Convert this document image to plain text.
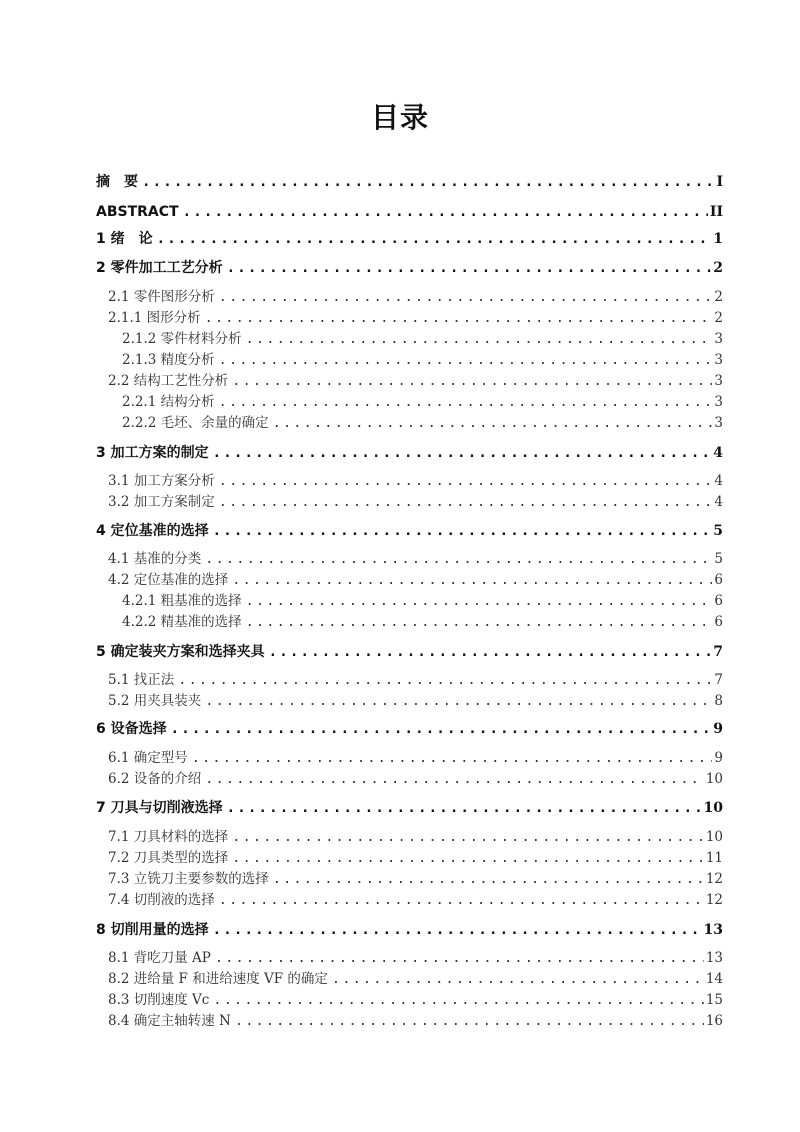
目录
摘　要 .....	I
ABSTRACT .....	II
1 绪　论 .....	1
2 零件加工工艺分析 .....	2
2.1 零件图形分析 .....	2
2.1.1 图形分析 .....	2
2.1.2 零件材料分析 .....	3
2.1.3 精度分析 .....	3
2.2 结构工艺性分析 .....	3
2.2.1 结构分析 .....	3
2.2.2 毛坯、余量的确定 .....	3
3 加工方案的制定 .....	4
3.1 加工方案分析 .....	4
3.2 加工方案制定 .....	4
4 定位基准的选择 .....	5
4.1 基准的分类 .....	5
4.2 定位基准的选择 .....	6
4.2.1 粗基准的选择 .....	6
4.2.2 精基准的选择 .....	6
5 确定装夹方案和选择夹具 .....	7
5.1 找正法 .....	7
5.2 用夹具装夹 .....	8
6 设备选择 .....	9
6.1 确定型号 .....	9
6.2 设备的介绍 .....	10
7 刀具与切削液选择 .....	10
7.1 刀具材料的选择 .....	10
7.2 刀具类型的选择 .....	11
7.3 立铣刀主要参数的选择 .....	12
7.4 切削液的选择 .....	12
8 切削用量的选择 .....	13
8.1 背吃刀量 AP .....	13
8.2 进给量 F 和进给速度 VF 的确定 .....	14
8.3 切削速度 Vc .....	15
8.4 确定主轴转速 N .....	16
